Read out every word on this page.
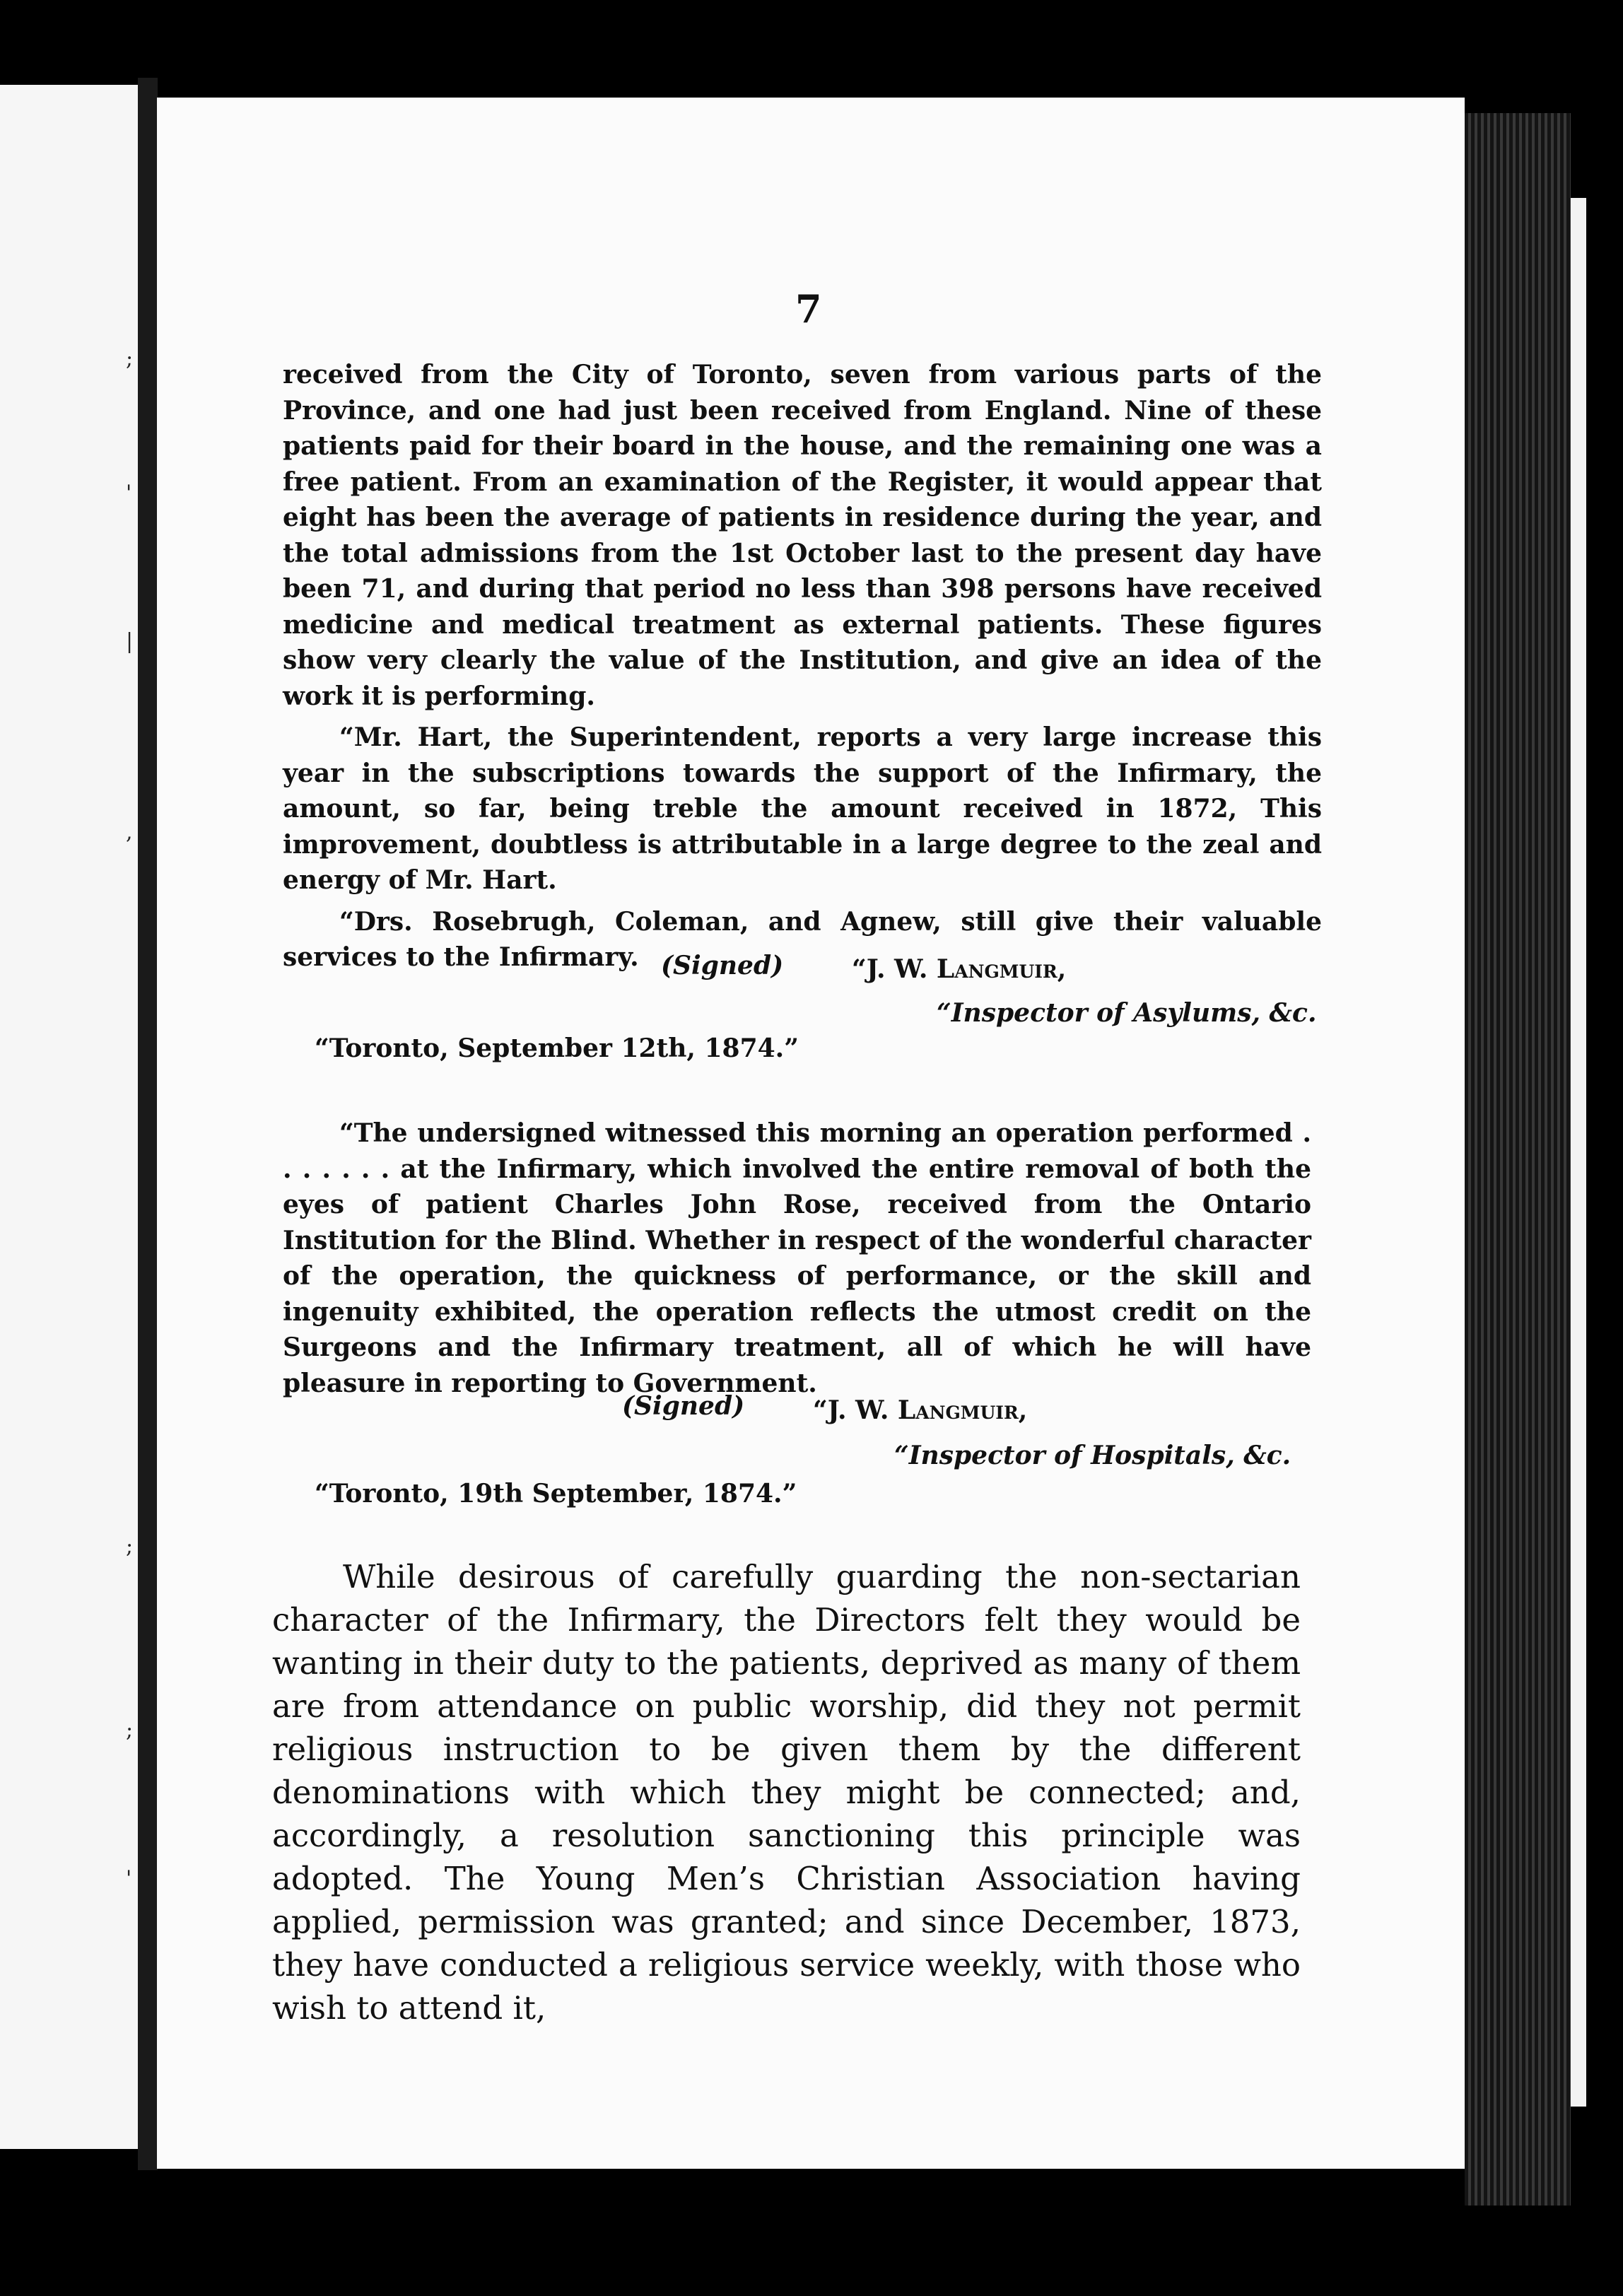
;
'
|
,
;
;
'
7

received from the City of Toronto, seven from various parts of the Province, and one had just been received from England. Nine of these patients paid for their board in the house, and the remaining one was a free patient. From an examination of the Register, it would appear that eight has been the average of patients in residence during the year, and the total admissions from the 1st October last to the present day have been 71, and during that period no less than 398 persons have received medicine and medical treatment as external patients. These figures show very clearly the value of the Institution, and give an idea of the work it is performing.

“Mr. Hart, the Superintendent, reports a very large increase this year in the subscriptions towards the support of the Infirmary, the amount, so far, being treble the amount received in 1872, This improvement, doubtless is attributable in a large degree to the zeal and energy of Mr. Hart.

“Drs. Rosebrugh, Coleman, and Agnew, still give their valuable services to the Infirmary. (Signed)	“J. W. Langmuir,
“Inspector of Asylums, &c.
“Toronto, September 12th, 1874.”

“The undersigned witnessed this morning an operation performed . . . . . . . at the Infirmary, which involved the entire removal of both the eyes of patient Charles John Rose, received from the Ontario Institution for the Blind. Whether in respect of the wonderful character of the operation, the quickness of performance, or the skill and ingenuity exhibited, the operation reflects the utmost credit on the Surgeons and the Infirmary treatment, all of which he will have pleasure in reporting to Government.

(Signed)	“J. W. Langmuir,
“Inspector of Hospitals, &c.
“Toronto, 19th September, 1874.”

While desirous of carefully guarding the non-sectarian character of the Infirmary, the Directors felt they would be wanting in their duty to the patients, deprived as many of them are from attendance on public worship, did they not permit religious instruction to be given them by the different denominations with which they might be connected; and, accordingly, a resolution sanctioning this principle was adopted. The Young Men’s Christian Association having applied, permission was granted; and since December, 1873, they have conducted a religious service weekly, with those who wish to attend it,
